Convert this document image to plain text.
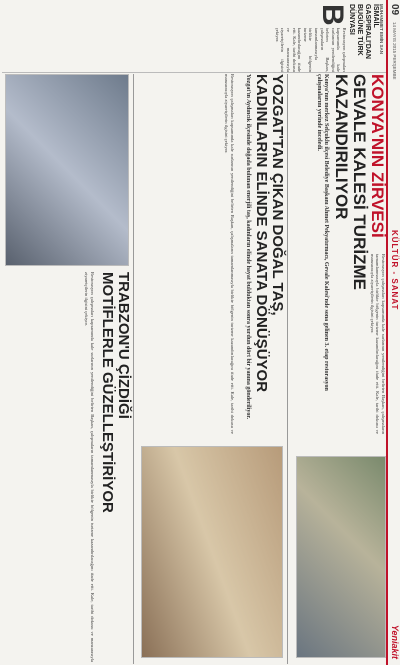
09
14 MAYIS 2015 PERŞEMBE
KÜLTÜR - SANAT
Yeniakit
KONYA'NIN ZİRVESİ
GEVALE KALESİ TURİZME
KAZANDIRILIYOR
Konya'nın merkez Selçuklu ilçesi Belediye Başkanı Ahmet Pekyatırmacı, Gevale Kalesi'nde sona gelinen 3. etap restorasyon çalışmalarını yerinde inceledi.
Restorasyon çalışmaları kapsamında kale surlarının yenilendiğini belirten Başkan, çalışmaların tamamlanmasıyla birlikte bölgenin turizme kazandırılacağını ifade etti. Kale, tarihi dokusu ve manzarasıyla ziyaretçilerin ilgisini çekiyor.
MUHAMMET EMİN SAN
İSMAİL
GASPIRALI'DAN
BUGÜNE TÜRK
DÜNYASI
B
Restorasyon çalışmaları kapsamında kale surlarının yenilendiğini belirten Başkan, çalışmaların tamamlanmasıyla birlikte bölgenin turizme kazandırılacağını ifade etti. Kale, tarihi dokusu ve manzarasıyla ziyaretçilerin ilgisini çekiyor.
YOZGAT'TAN ÇIKAN DOĞAL TAŞ,
KADINLARIN ELİNDE SANATA DÖNÜŞÜYOR
Yozgat'ın Aydıncık ilçesinde doğada bulunan enerjili taş, kadınların elinde hayat bulduktan sonra yurdun dört bir yanına gönderiliyor.
Restorasyon çalışmaları kapsamında kale surlarının yenilendiğini belirten Başkan, çalışmaların tamamlanmasıyla birlikte bölgenin turizme kazandırılacağını ifade etti. Kale, tarihi dokusu ve manzarasıyla ziyaretçilerin ilgisini çekiyor.
TRABZON'U ÇİZDİĞİ
MOTİFLERLE GÜZELLEŞTİRİYOR
Restorasyon çalışmaları kapsamında kale surlarının yenilendiğini belirten Başkan, çalışmaların tamamlanmasıyla birlikte bölgenin turizme kazandırılacağını ifade etti. Kale, tarihi dokusu ve manzarasıyla ziyaretçilerin ilgisini çekiyor.
